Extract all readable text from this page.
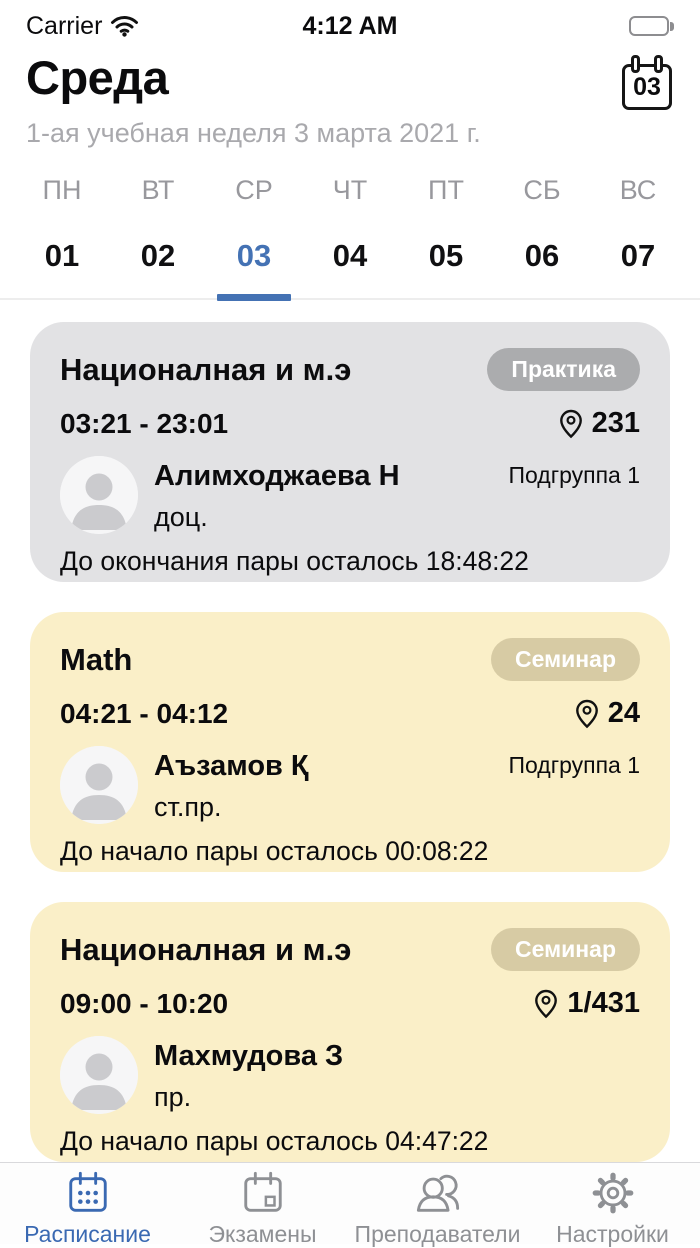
Carrier	4:12 AM
Среда	03
1-ая учебная неделя 3 марта 2021 г.
ПН
01
ВТ
02
СР
03
ЧТ
04
ПТ
05
СБ
06
ВС
07
Националная и м.э	Практика
03:21 - 23:01	231
Алимходжаева Н
доц.
Подгруппа 1
До окончания пары осталось 18:48:22
Math	Семинар
04:21 - 04:12	24
Аъзамов Қ
ст.пр.
Подгруппа 1
До начало пары осталось 00:08:22
Националная и м.э	Семинар
09:00 - 10:20	1/431
Махмудова З
пр.
До начало пары осталось 04:47:22
Расписание	Экзамены Преподаватели Настройки
